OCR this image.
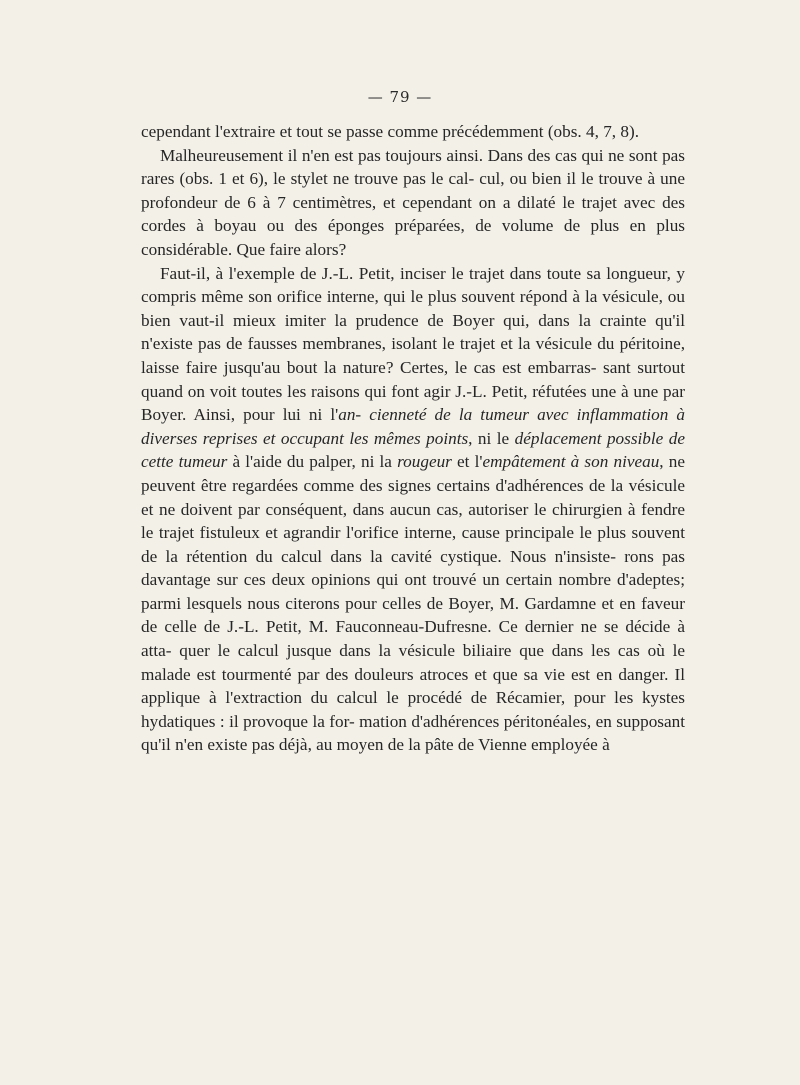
— 79 —

cependant l'extraire et tout se passe comme précédemment (obs. 4, 7, 8).

Malheureusement il n'en est pas toujours ainsi. Dans des cas qui ne sont pas rares (obs. 1 et 6), le stylet ne trouve pas le cal- cul, ou bien il le trouve à une profondeur de 6 à 7 centimètres, et cependant on a dilaté le trajet avec des cordes à boyau ou des éponges préparées, de volume de plus en plus considérable. Que faire alors?

Faut-il, à l'exemple de J.-L. Petit, inciser le trajet dans toute sa longueur, y compris même son orifice interne, qui le plus souvent répond à la vésicule, ou bien vaut-il mieux imiter la prudence de Boyer qui, dans la crainte qu'il n'existe pas de fausses membranes, isolant le trajet et la vésicule du péritoine, laisse faire jusqu'au bout la nature? Certes, le cas est embarras- sant surtout quand on voit toutes les raisons qui font agir J.-L. Petit, réfutées une à une par Boyer. Ainsi, pour lui ni l'an- cienneté de la tumeur avec inflammation à diverses reprises et occupant les mêmes points, ni le déplacement possible de cette tumeur à l'aide du palper, ni la rougeur et l'empâtement à son niveau, ne peuvent être regardées comme des signes certains d'adhérences de la vésicule et ne doivent par conséquent, dans aucun cas, autoriser le chirurgien à fendre le trajet fistuleux et agrandir l'orifice interne, cause principale le plus souvent de la rétention du calcul dans la cavité cystique. Nous n'insiste- rons pas davantage sur ces deux opinions qui ont trouvé un certain nombre d'adeptes; parmi lesquels nous citerons pour celles de Boyer, M. Gardamne et en faveur de celle de J.-L. Petit, M. Fauconneau-Dufresne. Ce dernier ne se décide à atta- quer le calcul jusque dans la vésicule biliaire que dans les cas où le malade est tourmenté par des douleurs atroces et que sa vie est en danger. Il applique à l'extraction du calcul le procédé de Récamier, pour les kystes hydatiques : il provoque la for- mation d'adhérences péritonéales, en supposant qu'il n'en existe pas déjà, au moyen de la pâte de Vienne employée à
